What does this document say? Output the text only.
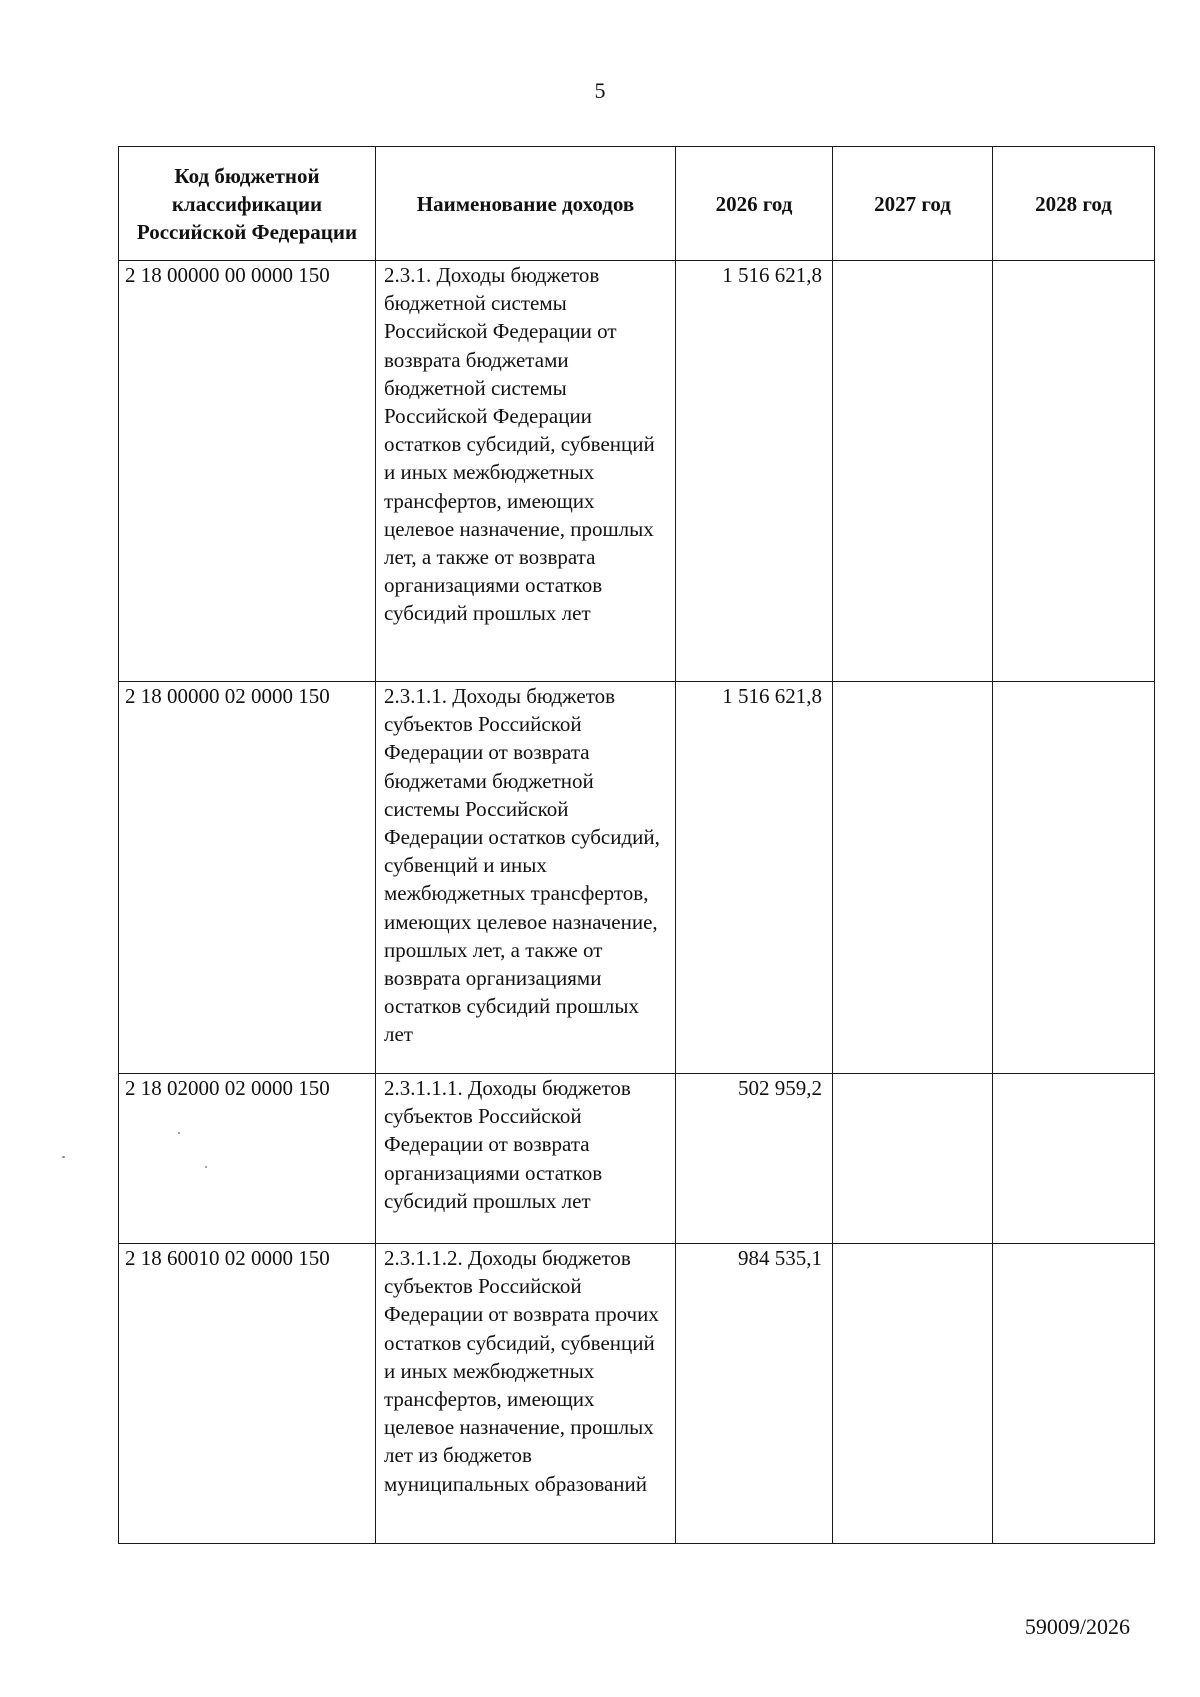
5
Код бюджетной классификации Российской Федерации	Наименование доходов	2026 год	2027 год	2028 год
2 18 00000 00 0000 150	2.3.1. Доходы бюджетов бюджетной системы Российской Федерации от возврата бюджетами бюджетной системы Российской Федерации остатков субсидий, субвенций и иных межбюджетных трансфертов, имеющих целевое назначение, прошлых лет, а также от возврата организациями остатков субсидий прошлых лет	1 516 621,8		
2 18 00000 02 0000 150	2.3.1.1. Доходы бюджетов субъектов Российской Федерации от возврата бюджетами бюджетной системы Российской Федерации остатков субсидий, субвенций и иных межбюджетных трансфертов, имеющих целевое назначение, прошлых лет, а также от возврата организациями остатков субсидий прошлых лет	1 516 621,8		
2 18 02000 02 0000 150	2.3.1.1.1. Доходы бюджетов субъектов Российской Федерации от возврата организациями остатков субсидий прошлых лет	502 959,2		
2 18 60010 02 0000 150	2.3.1.1.2. Доходы бюджетов субъектов Российской Федерации от возврата прочих остатков субсидий, субвенций и иных межбюджетных трансфертов, имеющих целевое назначение, прошлых лет из бюджетов муниципальных образований	984 535,1		
59009/2026
